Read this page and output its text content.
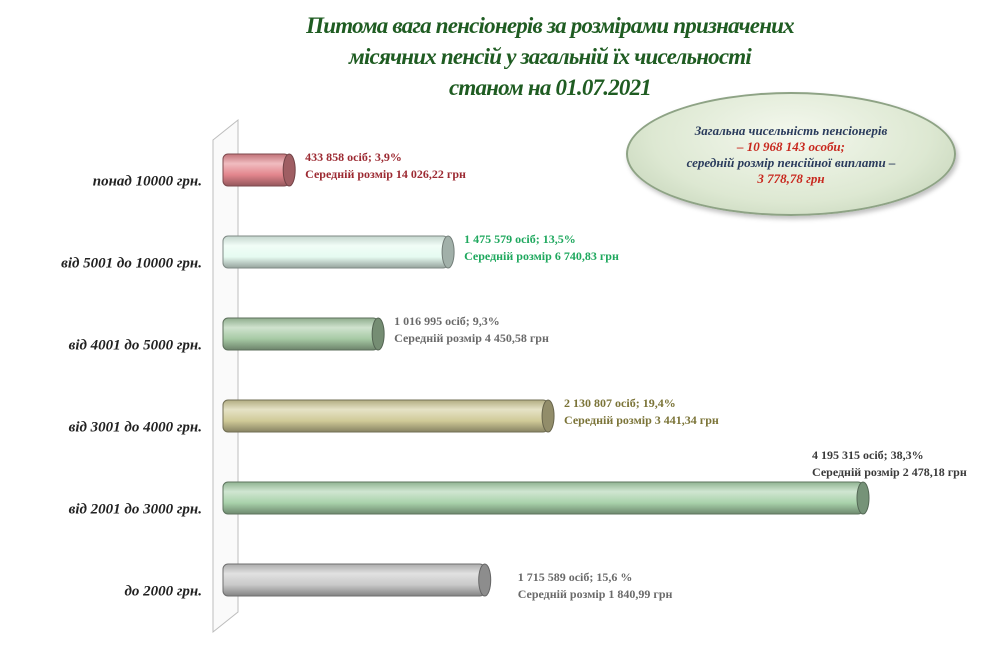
Питома вага пенсіонерів за розмірами призначених
місячних пенсій у загальній їх чисельності
станом на 01.07.2021
Загальна чисельність пенсіонерів
– 10 968 143 особи;
середній розмір пенсійної виплати –
3 778,78 грн
понад 10000 грн.
433 858 осіб; 3,9%
Середній розмір 14 026,22 грн
від 5001 до 10000 грн.
1 475 579 осіб; 13,5%
Середній розмір 6 740,83 грн
від 4001 до 5000 грн.
1 016 995 осіб; 9,3%
Середній розмір 4 450,58 грн
від 3001 до 4000 грн.
2 130 807 осіб; 19,4%
Середній розмір 3 441,34 грн
від 2001 до 3000 грн.
4 195 315 осіб; 38,3%
Середній розмір 2 478,18 грн
до 2000 грн.
1 715 589 осіб; 15,6 %
Середній розмір 1 840,99 грн
